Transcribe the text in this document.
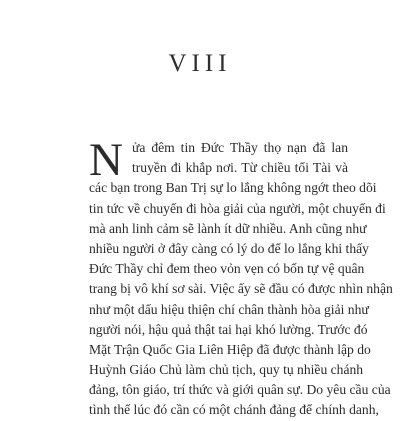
VIII
N ửa đêm tin Đức Thầy thọ nạn đã lan
truyền đi khắp nơi. Từ chiều tối Tài và
các bạn trong Ban Trị sự lo lắng không ngớt theo dõi
tin tức về chuyến đi hòa giải của người, một chuyến đi
mà anh linh cảm sẽ lành ít dữ nhiều. Anh cũng như
nhiều người ở đây càng có lý do để lo lắng khi thấy
Đức Thầy chỉ đem theo vỏn vẹn có bốn tự vệ quân
trang bị vô khí sơ sài. Việc ấy sẽ đầu có được nhìn nhận
như một dấu hiệu thiện chí chân thành hòa giải như
người nói, hậu quả thật tai hại khó lường. Trước đó
Mặt Trận Quốc Gia Liên Hiệp đã được thành lập do
Huỳnh Giáo Chủ làm chủ tịch, quy tụ nhiều chánh
đảng, tôn giáo, trí thức và giới quân sự. Do yêu cầu của
tình thế lúc đó cần có một chánh đảng để chính danh,
